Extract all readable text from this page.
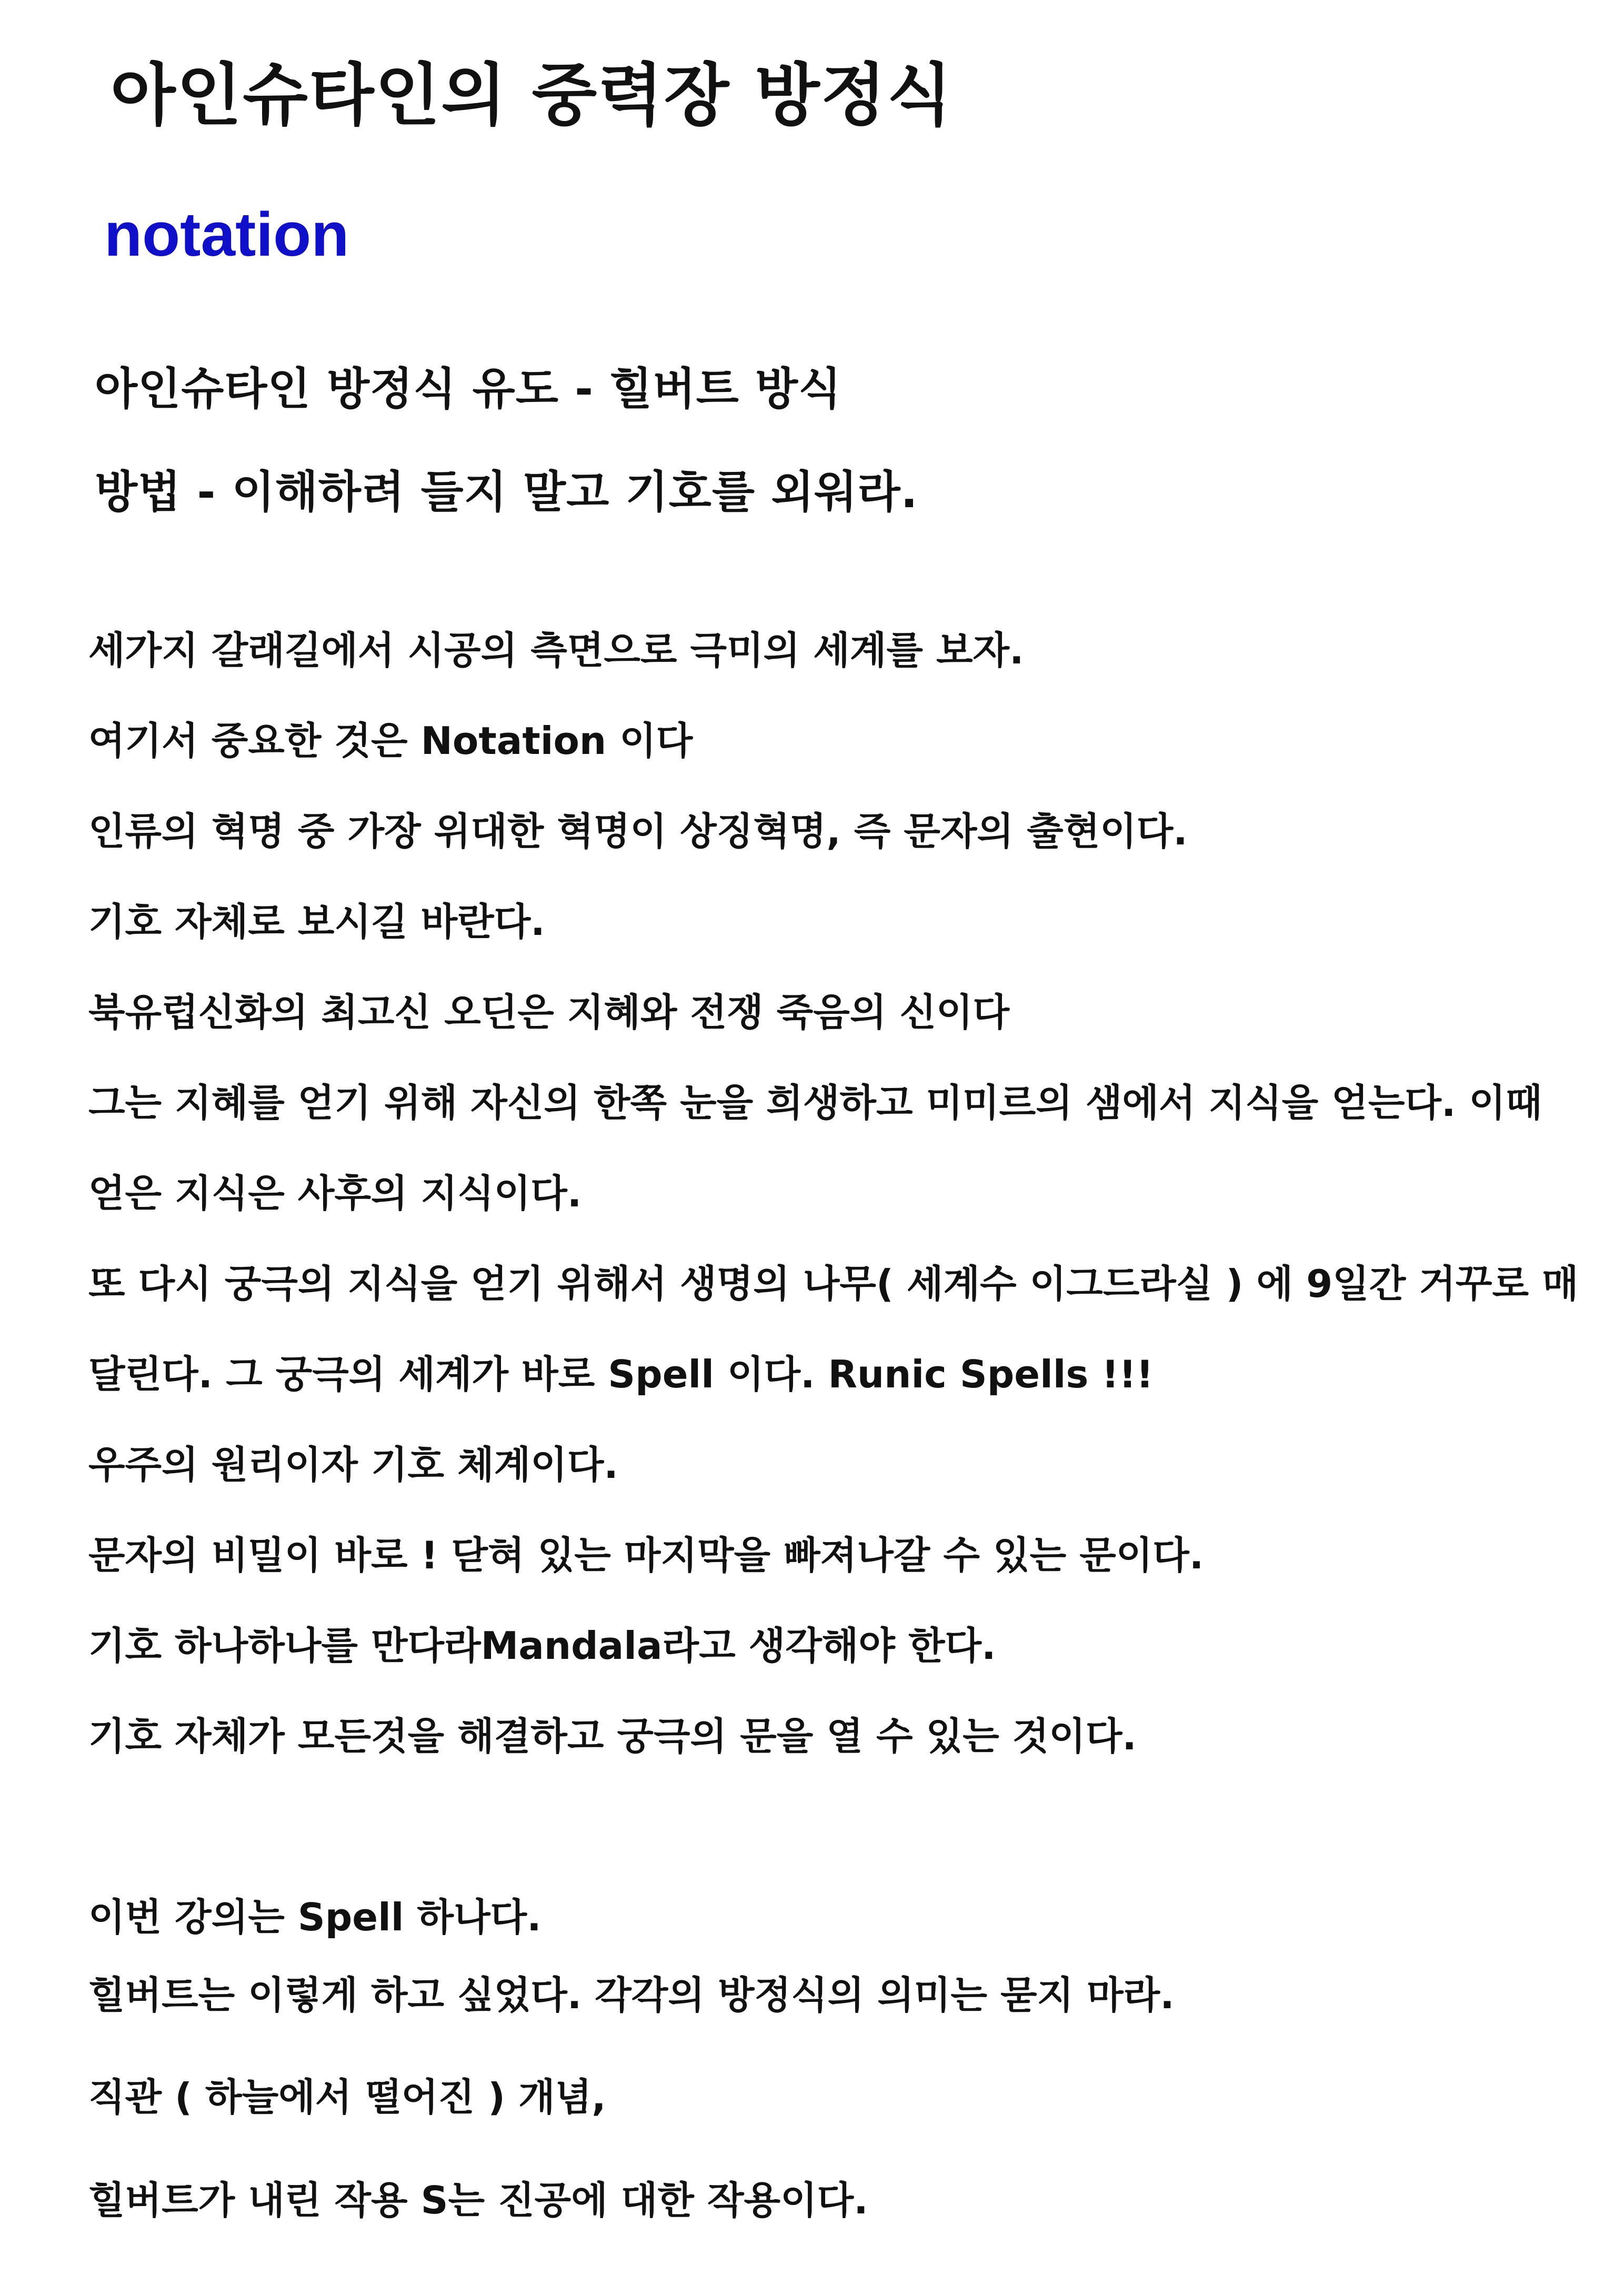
아인슈타인의 중력장 방정식
notation

아인슈타인 방정식 유도 - 힐버트 방식

방법 - 이해하려 들지 말고 기호를 외워라.

세가지 갈래길에서 시공의 측면으로 극미의 세계를 보자.

여기서 중요한 것은 Notation 이다

인류의 혁명 중 가장 위대한 혁명이 상징혁명, 즉 문자의 출현이다.

기호 자체로 보시길 바란다.

북유럽신화의 최고신 오딘은 지혜와 전쟁 죽음의 신이다

그는 지혜를 얻기 위해 자신의 한쪽 눈을 희생하고 미미르의 샘에서 지식을 얻는다. 이때

얻은 지식은 사후의 지식이다.

또 다시 궁극의 지식을 얻기 위해서 생명의 나무( 세계수 이그드라실 ) 에 9일간 거꾸로 매

달린다. 그 궁극의 세계가 바로 Spell 이다. Runic Spells !!!

우주의 원리이자 기호 체계이다.

문자의 비밀이 바로 ! 닫혀 있는 마지막을 빠져나갈 수 있는 문이다.

기호 하나하나를 만다라Mandala라고 생각해야 한다.

기호 자체가 모든것을 해결하고 궁극의 문을 열 수 있는 것이다.

이번 강의는 Spell 하나다.

힐버트는 이렇게 하고 싶었다. 각각의 방정식의 의미는 묻지 마라.

직관 ( 하늘에서 떨어진 ) 개념,

힐버트가 내린 작용 S는 진공에 대한 작용이다.
